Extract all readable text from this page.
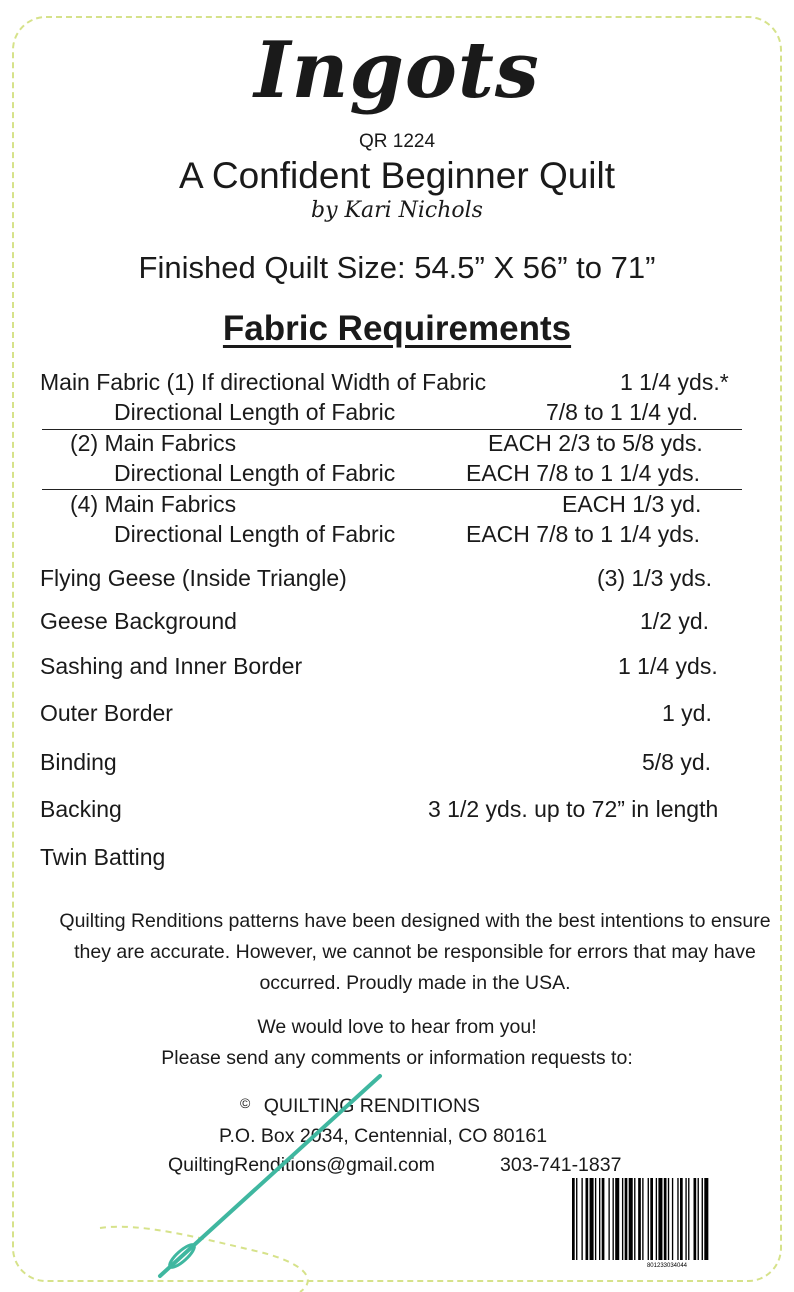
Ingots
QR 1224
A Confident Beginner Quilt
by Kari Nichols
Finished Quilt Size: 54.5” X 56” to 71”
Fabric Requirements
Main Fabric (1) If directional Width of Fabric	1 1/4 yds.*
Directional Length of Fabric	7/8 to 1 1/4 yd.
(2) Main Fabrics	EACH 2/3 to 5/8 yds.
Directional Length of Fabric	EACH 7/8 to 1 1/4 yds.
(4) Main Fabrics	EACH 1/3 yd.
Directional Length of Fabric	EACH 7/8 to 1 1/4 yds.
Flying Geese (Inside Triangle)	(3) 1/3 yds.
Geese Background	1/2 yd.
Sashing and Inner Border	1 1/4 yds.
Outer Border	1 yd.
Binding	5/8 yd.
Backing	3 1/2 yds. up to 72” in length
Twin Batting
Quilting Renditions patterns have been designed with the best intentions to ensure they are accurate. However, we cannot be responsible for errors that may have occurred. Proudly made in the USA.
We would love to hear from you!
Please send any comments or information requests to:
© QUILTING RENDITIONS
P.O. Box 2034, Centennial, CO 80161
QuiltingRenditions@gmail.com	303-741-1837
801233034044
